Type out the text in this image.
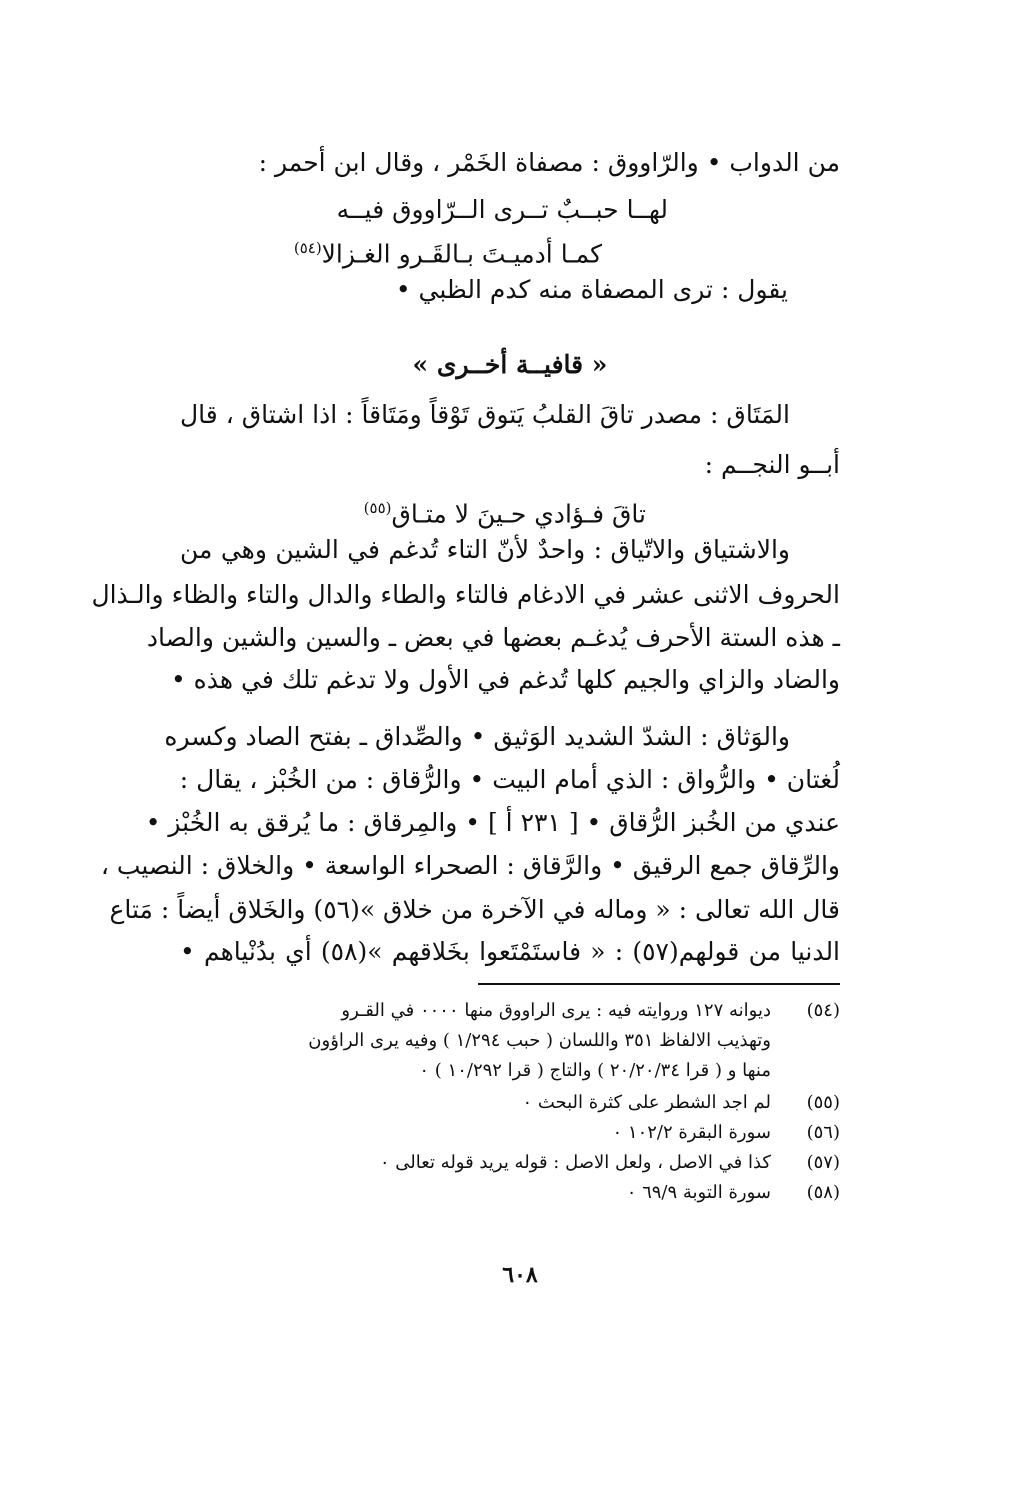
من الدواب • والرّاووق : مصفاة الخَمْر ، وقال ابن أحمر :
لهــا حبــبٌ تــرى الــرّاووق فيــه
كمـا أدميـتَ بـالقَـرو الغـزالا$^{(٥٤)}$
يقول : ترى المصفاة منه كدم الظبي •
« قافيــة أخــرى »
المَتَاق : مصدر تاقَ القلبُ يَتوق تَوْقاً ومَتَاقاً : اذا اشتاق ، قال
أبــو النجــم :
تاقَ فـؤادي حـينَ لا متـاق$^{(٥٥)}$
والاشتياق والاتّياق : واحدٌ لأنّ التاء تُدغم في الشين وهي من
الحروف الاثنى عشر في الادغام فالتاء والطاء والدال والتاء والظاء والـذال
ـ هذه الستة الأحرف يُدغـم بعضها في بعض ـ والسين والشين والصاد
والضاد والزاي والجيم كلها تُدغم في الأول ولا تدغم تلك في هذه •
والوَثاق : الشدّ الشديد الوَثيق • والصِّداق ـ بفتح الصاد وكسره
لُغتان • والرُّواق : الذي أمام البيت • والرُّقاق : من الخُبْز ، يقال :
عندي من الخُبز الرُّقاق • [ ٢٣١ أ ] • والمِرقاق : ما يُرقق به الخُبْز •
والرِّقاق جمع الرقيق • والرَّقاق : الصحراء الواسعة • والخلاق : النصيب ،
قال الله تعالى : « وماله في الآخرة من خلاق »(٥٦) والخَلاق أيضاً : مَتاع
الدنيا من قولهم(٥٧) : « فاستَمْتَعوا بخَلاقهم »(٥٨) أي بدُنْياهم •
(٥٤)
ديوانه ١٢٧ وروايته فيه : يرى الراووق منها ٠٠٠٠ في القـرو
وتهذيب الالفاظ ٣٥١ واللسان ( حبب ١/٢٩٤ ) وفيه يرى الراؤون
منها و ( قرا ٢٠/٢٠/٣٤ ) والتاج ( قرا ١٠/٢٩٢ ) ٠
(٥٥)
لم اجد الشطر على كثرة البحث ٠
(٥٦)
سورة البقرة ١٠٢/٢ ٠
(٥٧)
كذا في الاصل ، ولعل الاصل : قوله يريد قوله تعالى ٠
(٥٨)
سورة التوبة ٦٩/٩ ٠
٦٠٨
